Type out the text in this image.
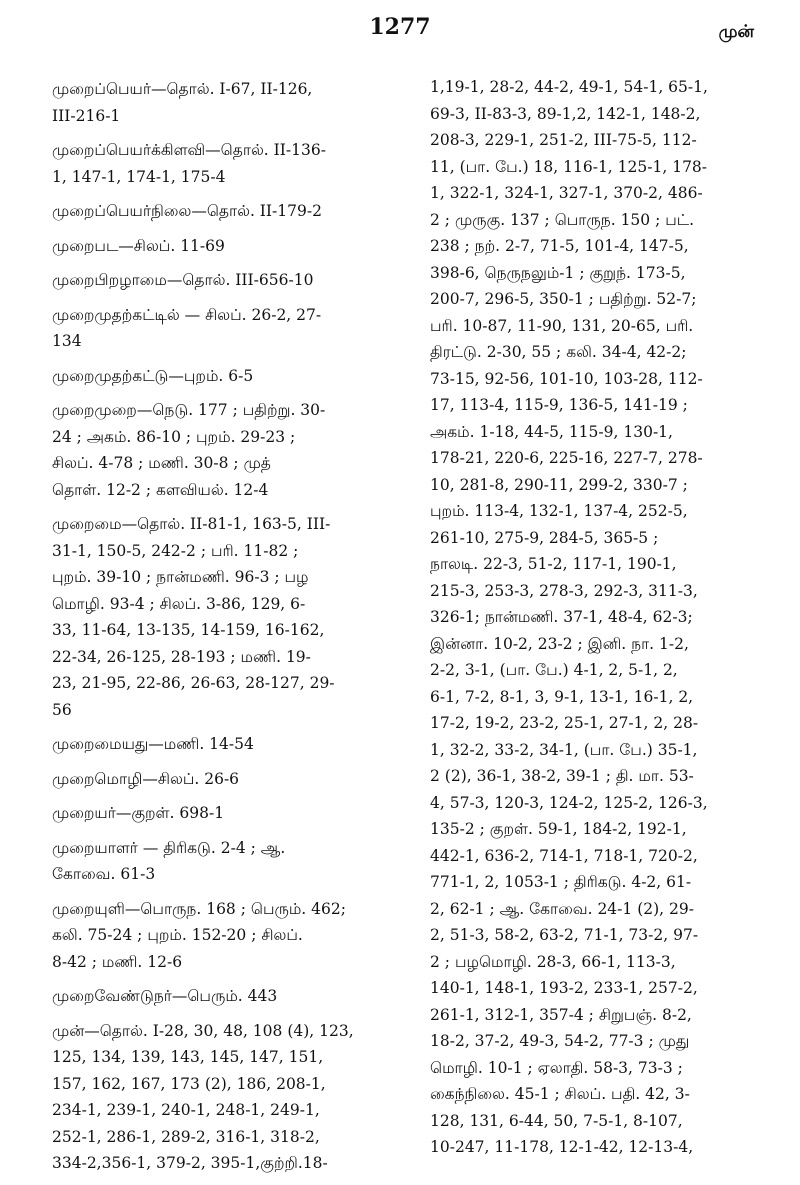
1277	முன்
முறைப்பெயர்—தொல். I-67, II-126,
III-216-1
முறைப்பெயர்க்கிளவி—தொல். II-136-
1, 147-1, 174-1, 175-4
முறைப்பெயர்நிலை—தொல். II-179-2
முறைபட—சிலப். 11-69
முறைபிறழாமை—தொல். III-656-10
முறைமுதற்கட்டில் — சிலப். 26-2, 27-
134
முறைமுதற்கட்டு—புறம். 6-5
முறைமுறை—நெடு. 177 ; பதிற்று. 30-
24 ; அகம். 86-10 ; புறம். 29-23 ;
சிலப். 4-78 ; மணி. 30-8 ; முத்
தொள். 12-2 ; களவியல். 12-4
முறைமை—தொல். II-81-1, 163-5, III-
31-1, 150-5, 242-2 ; பரி. 11-82 ;
புறம். 39-10 ; நான்மணி. 96-3 ; பழ
மொழி. 93-4 ; சிலப். 3-86, 129, 6-
33, 11-64, 13-135, 14-159, 16-162,
22-34, 26-125, 28-193 ; மணி. 19-
23, 21-95, 22-86, 26-63, 28-127, 29-
56
முறைமையது—மணி. 14-54
முறைமொழி—சிலப். 26-6
முறையர்—குறள். 698-1
முறையாளர் — திரிகடு. 2-4 ; ஆ.
கோவை. 61-3
முறையுளி—பொருந. 168 ; பெரும். 462;
கலி. 75-24 ; புறம். 152-20 ; சிலப்.
8-42 ; மணி. 12-6
முறைவேண்டுநர்—பெரும். 443
முன்—தொல். I-28, 30, 48, 108 (4), 123,
125, 134, 139, 143, 145, 147, 151,
157, 162, 167, 173 (2), 186, 208-1,
234-1, 239-1, 240-1, 248-1, 249-1,
252-1, 286-1, 289-2, 316-1, 318-2,
334-2,356-1, 379-2, 395-1,குற்றி.18-
1,19-1, 28-2, 44-2, 49-1, 54-1, 65-1,
69-3, II-83-3, 89-1,2, 142-1, 148-2,
208-3, 229-1, 251-2, III-75-5, 112-
11, (பா. பே.) 18, 116-1, 125-1, 178-
1, 322-1, 324-1, 327-1, 370-2, 486-
2 ; முருகு. 137 ; பொருந. 150 ; பட்.
238 ; நற். 2-7, 71-5, 101-4, 147-5,
398-6, நெருநலும்-1 ; குறுந். 173-5,
200-7, 296-5, 350-1 ; பதிற்று. 52-7;
பரி. 10-87, 11-90, 131, 20-65, பரி.
திரட்டு. 2-30, 55 ; கலி. 34-4, 42-2;
73-15, 92-56, 101-10, 103-28, 112-
17, 113-4, 115-9, 136-5, 141-19 ;
அகம். 1-18, 44-5, 115-9, 130-1,
178-21, 220-6, 225-16, 227-7, 278-
10, 281-8, 290-11, 299-2, 330-7 ;
புறம். 113-4, 132-1, 137-4, 252-5,
261-10, 275-9, 284-5, 365-5 ;
நாலடி. 22-3, 51-2, 117-1, 190-1,
215-3, 253-3, 278-3, 292-3, 311-3,
326-1; நான்மணி. 37-1, 48-4, 62-3;
இன்னா. 10-2, 23-2 ; இனி. நா. 1-2,
2-2, 3-1, (பா. பே.) 4-1, 2, 5-1, 2,
6-1, 7-2, 8-1, 3, 9-1, 13-1, 16-1, 2,
17-2, 19-2, 23-2, 25-1, 27-1, 2, 28-
1, 32-2, 33-2, 34-1, (பா. பே.) 35-1,
2 (2), 36-1, 38-2, 39-1 ; தி. மா. 53-
4, 57-3, 120-3, 124-2, 125-2, 126-3,
135-2 ; குறள். 59-1, 184-2, 192-1,
442-1, 636-2, 714-1, 718-1, 720-2,
771-1, 2, 1053-1 ; திரிகடு. 4-2, 61-
2, 62-1 ; ஆ. கோவை. 24-1 (2), 29-
2, 51-3, 58-2, 63-2, 71-1, 73-2, 97-
2 ; பழமொழி. 28-3, 66-1, 113-3,
140-1, 148-1, 193-2, 233-1, 257-2,
261-1, 312-1, 357-4 ; சிறுபஞ். 8-2,
18-2, 37-2, 49-3, 54-2, 77-3 ; முது
மொழி. 10-1 ; ஏலாதி. 58-3, 73-3 ;
கைந்நிலை. 45-1 ; சிலப். பதி. 42, 3-
128, 131, 6-44, 50, 7-5-1, 8-107,
10-247, 11-178, 12-1-42, 12-13-4,
